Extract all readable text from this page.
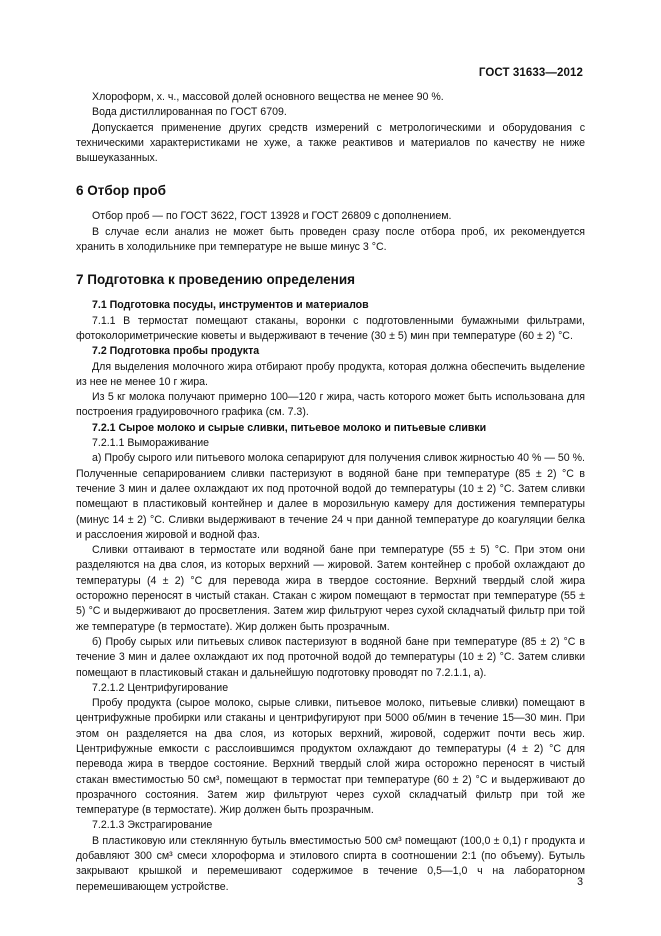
ГОСТ 31633—2012

Хлороформ, х. ч., массовой долей основного вещества не менее 90 %.

Вода дистиллированная по ГОСТ 6709.

Допускается применение других средств измерений с метрологическими и оборудования с техническими характеристиками не хуже, а также реактивов и материалов по качеству не ниже вышеуказанных.

6 Отбор проб

Отбор проб — по ГОСТ 3622, ГОСТ 13928 и ГОСТ 26809 с дополнением.

В случае если анализ не может быть проведен сразу после отбора проб, их рекомендуется хранить в холодильнике при температуре не выше минус 3 °С.

7 Подготовка к проведению определения

7.1 Подготовка посуды, инструментов и материалов

7.1.1 В термостат помещают стаканы, воронки с подготовленными бумажными фильтрами, фотоколориметрические кюветы и выдерживают в течение (30 ± 5) мин при температуре (60 ± 2) °С.

7.2 Подготовка пробы продукта

Для выделения молочного жира отбирают пробу продукта, которая должна обеспечить выделение из нее не менее 10 г жира.

Из 5 кг молока получают примерно 100—120 г жира, часть которого может быть использована для построения градуировочного графика (см. 7.3).

7.2.1 Сырое молоко и сырые сливки, питьевое молоко и питьевые сливки

7.2.1.1 Вымораживание

а) Пробу сырого или питьевого молока сепарируют для получения сливок жирностью 40 % — 50 %. Полученные сепарированием сливки пастеризуют в водяной бане при температуре (85 ± 2) °С в течение 3 мин и далее охлаждают их под проточной водой до температуры (10 ± 2) °С. Затем сливки помещают в пластиковый контейнер и далее в морозильную камеру для достижения температуры (минус 14 ± 2) °С. Сливки выдерживают в течение 24 ч при данной температуре до коагуляции белка и расслоения жировой и водной фаз.

Сливки оттаивают в термостате или водяной бане при температуре (55 ± 5) °С. При этом они разделяются на два слоя, из которых верхний — жировой. Затем контейнер с пробой охлаждают до температуры (4 ± 2) °С для перевода жира в твердое состояние. Верхний твердый слой жира осторожно переносят в чистый стакан. Стакан с жиром помещают в термостат при температуре (55 ± 5) °С и выдерживают до просветления. Затем жир фильтруют через сухой складчатый фильтр при той же температуре (в термостате). Жир должен быть прозрачным.

б) Пробу сырых или питьевых сливок пастеризуют в водяной бане при температуре (85 ± 2) °С в течение 3 мин и далее охлаждают их под проточной водой до температуры (10 ± 2) °С. Затем сливки помещают в пластиковый стакан и дальнейшую подготовку проводят по 7.2.1.1, а).

7.2.1.2 Центрифугирование

Пробу продукта (сырое молоко, сырые сливки, питьевое молоко, питьевые сливки) помещают в центрифужные пробирки или стаканы и центрифугируют при 5000 об/мин в течение 15—30 мин. При этом он разделяется на два слоя, из которых верхний, жировой, содержит почти весь жир. Центрифужные емкости с расслоившимся продуктом охлаждают до температуры (4 ± 2) °С для перевода жира в твердое состояние. Верхний твердый слой жира осторожно переносят в чистый стакан вместимостью 50 см³, помещают в термостат при температуре (60 ± 2) °С и выдерживают до прозрачного состояния. Затем жир фильтруют через сухой складчатый фильтр при той же температуре (в термостате). Жир должен быть прозрачным.

7.2.1.3 Экстрагирование

В пластиковую или стеклянную бутыль вместимостью 500 см³ помещают (100,0 ± 0,1) г продукта и добавляют 300 см³ смеси хлороформа и этилового спирта в соотношении 2:1 (по объему). Бутыль закрывают крышкой и перемешивают содержимое в течение 0,5—1,0 ч на лабораторном перемешивающем устройстве.	3
